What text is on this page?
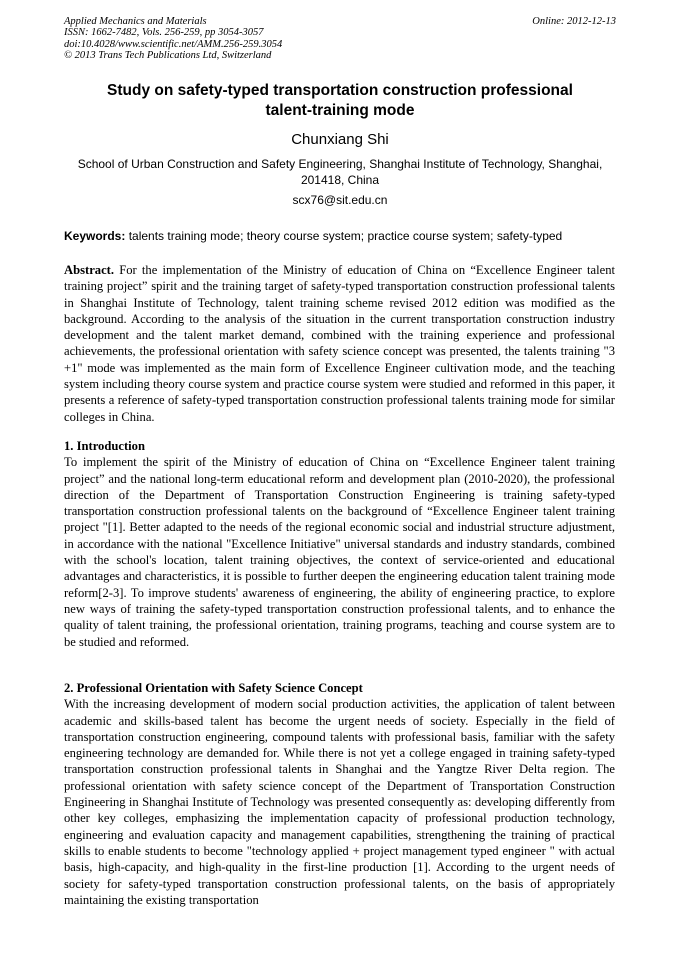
Applied Mechanics and Materials
ISSN: 1662-7482, Vols. 256-259, pp 3054-3057
doi:10.4028/www.scientific.net/AMM.256-259.3054
© 2013 Trans Tech Publications Ltd, Switzerland
Online: 2012-12-13
Study on safety-typed transportation construction professional
talent-training mode
Chunxiang Shi
School of Urban Construction and Safety Engineering, Shanghai Institute of Technology, Shanghai,
201418, China
scx76@sit.edu.cn
Keywords: talents training mode; theory course system; practice course system; safety-typed
Abstract. For the implementation of the Ministry of education of China on “Excellence Engineer talent training project” spirit and the training target of safety-typed transportation construction professional talents in Shanghai Institute of Technology, talent training scheme revised 2012 edition was modified as the background. According to the analysis of the situation in the current transportation construction industry development and the talent market demand, combined with the training experience and professional achievements, the professional orientation with safety science concept was presented, the talents training "3 +1" mode was implemented as the main form of Excellence Engineer cultivation mode, and the teaching system including theory course system and practice course system were studied and reformed in this paper, it presents a reference of safety-typed transportation construction professional talents training mode for similar colleges in China.
1. Introduction
To implement the spirit of the Ministry of education of China on “Excellence Engineer talent training project” and the national long-term educational reform and development plan (2010-2020), the professional direction of the Department of Transportation Construction Engineering is training safety-typed transportation construction professional talents on the background of “Excellence Engineer talent training project "[1]. Better adapted to the needs of the regional economic social and industrial structure adjustment, in accordance with the national "Excellence Initiative" universal standards and industry standards, combined with the school's location, talent training objectives, the context of service-oriented and educational advantages and characteristics, it is possible to further deepen the engineering education talent training mode reform[2-3]. To improve students' awareness of engineering, the ability of engineering practice, to explore new ways of training the safety-typed transportation construction professional talents, and to enhance the quality of talent training, the professional orientation, training programs, teaching and course system are to be studied and reformed.
2. Professional Orientation with Safety Science Concept
With the increasing development of modern social production activities, the application of talent between academic and skills-based talent has become the urgent needs of society. Especially in the field of transportation construction engineering, compound talents with professional basis, familiar with the safety engineering technology are demanded for. While there is not yet a college engaged in training safety-typed transportation construction professional talents in Shanghai and the Yangtze River Delta region. The professional orientation with safety science concept of the Department of Transportation Construction Engineering in Shanghai Institute of Technology was presented consequently as: developing differently from other key colleges, emphasizing the implementation capacity of professional production technology, engineering and evaluation capacity and management capabilities, strengthening the training of practical skills to enable students to become "technology applied + project management typed engineer " with actual basis, high-capacity, and high-quality in the first-line production [1]. According to the urgent needs of society for safety-typed transportation construction professional talents, on the basis of appropriately maintaining the existing transportation
